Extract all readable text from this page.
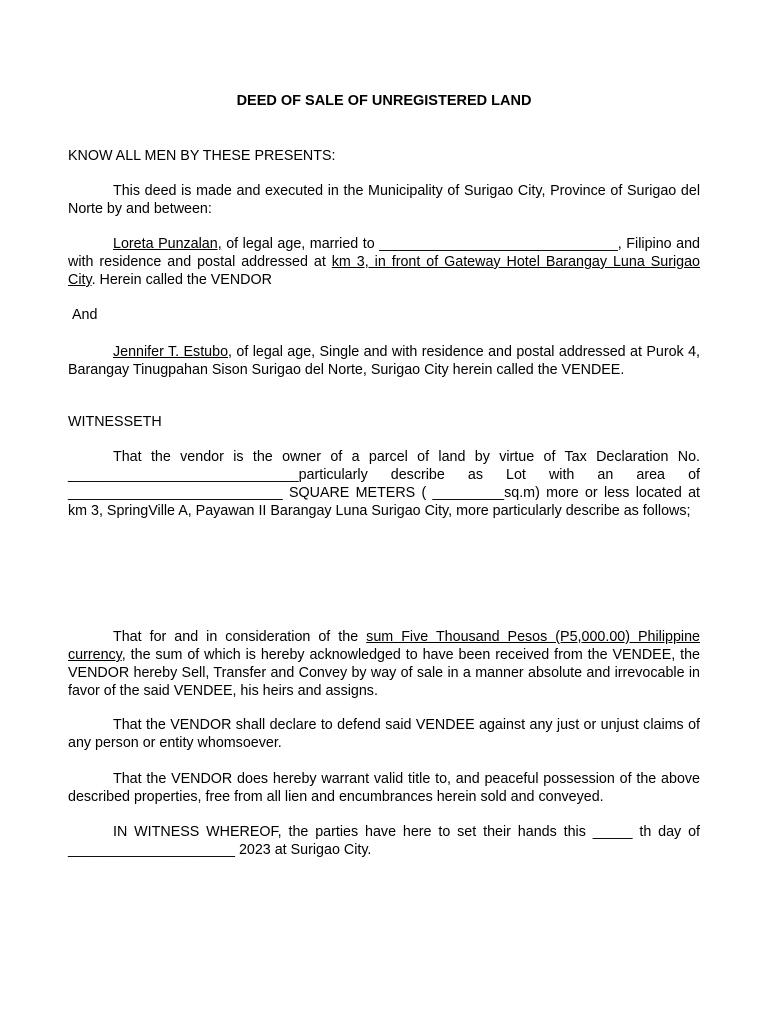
DEED OF SALE OF UNREGISTERED LAND

KNOW ALL MEN BY THESE PRESENTS:

This deed is made and executed in the Municipality of Surigao City, Province of Surigao del Norte by and between:

Loreta Punzalan, of legal age, married to ______________________________, Filipino and with residence and postal addressed at km 3, in front of Gateway Hotel Barangay Luna Surigao City. Herein called the VENDOR

And

Jennifer T. Estubo, of legal age, Single and with residence and postal addressed at Purok 4, Barangay Tinugpahan Sison Surigao del Norte, Surigao City herein called the VENDEE.

WITNESSETH

That the vendor is the owner of a parcel of land by virtue of Tax Declaration No. _____________________________particularly describe as Lot with an area of ___________________________ SQUARE METERS ( _________sq.m) more or less located at km 3, SpringVille A, Payawan II Barangay Luna Surigao City, more particularly describe as follows;

That for and in consideration of the sum Five Thousand Pesos (P5,000.00) Philippine currency, the sum of which is hereby acknowledged to have been received from the VENDEE, the VENDOR hereby Sell, Transfer and Convey by way of sale in a manner absolute and irrevocable in favor of the said VENDEE, his heirs and assigns.

That the VENDOR shall declare to defend said VENDEE against any just or unjust claims of any person or entity whomsoever.

That the VENDOR does hereby warrant valid title to, and peaceful possession of the above described properties, free from all lien and encumbrances herein sold and conveyed.

IN WITNESS WHEREOF, the parties have here to set their hands this _____ th day of _____________________ 2023 at Surigao City.
